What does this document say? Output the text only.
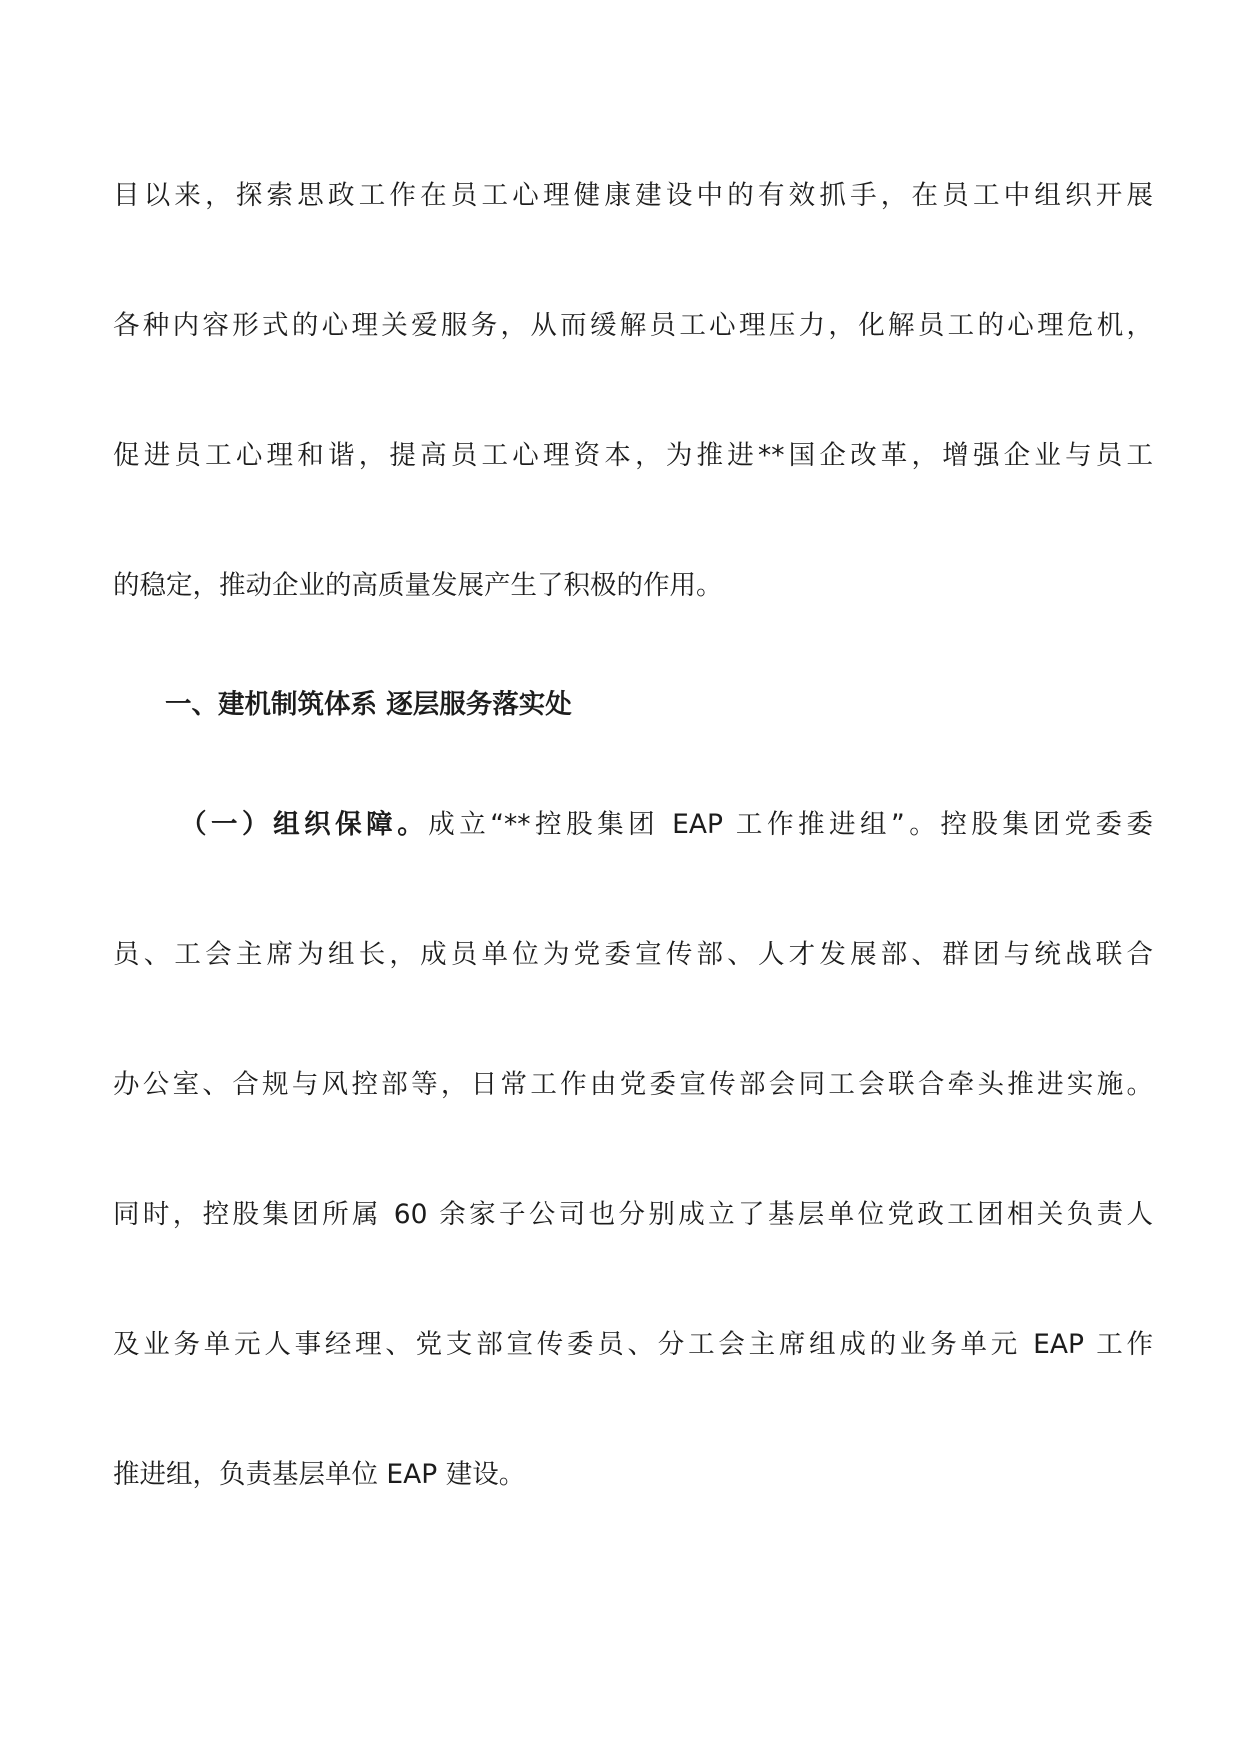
目以来，探索思政工作在员工心理健康建设中的有效抓手，在员工中组织开展
各种内容形式的心理关爱服务，从而缓解员工心理压力，化解员工的心理危机，
促进员工心理和谐，提高员工心理资本，为推进**国企改革，增强企业与员工
的稳定，推动企业的高质量发展产生了积极的作用。
一、建机制筑体系 逐层服务落实处
（一）组织保障。成立“**控股集团 EAP 工作推进组”。控股集团党委委
员、工会主席为组长，成员单位为党委宣传部、人才发展部、群团与统战联合
办公室、合规与风控部等，日常工作由党委宣传部会同工会联合牵头推进实施。
同时，控股集团所属 60 余家子公司也分别成立了基层单位党政工团相关负责人
及业务单元人事经理、党支部宣传委员、分工会主席组成的业务单元 EAP 工作
推进组，负责基层单位 EAP 建设。
